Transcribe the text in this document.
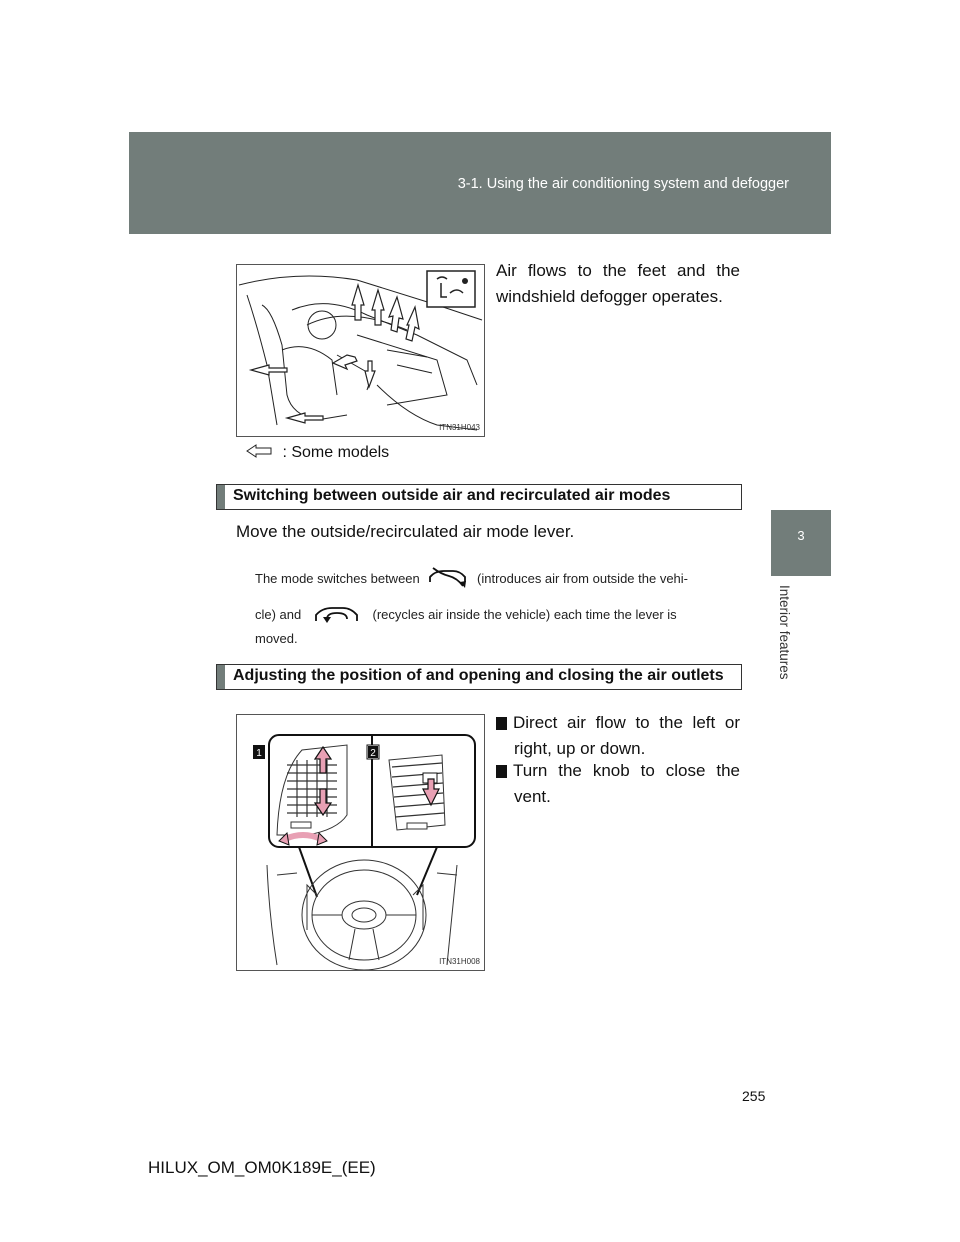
3-1. Using the air conditioning system and defogger
3
Interior features
ITN31H043
Air flows to the feet and the windshield defogger operates.
: Some models
Switching between outside air and recirculated air modes
Move the outside/recirculated air mode lever.
The mode switches between	(introduces air from outside the vehi-
cle) and	(recycles air inside the vehicle) each time the lever is
moved.
Adjusting the position of and opening and closing the air outlets
1	2
ITN31H008
1 Direct air flow to the left or right, up or down.
2 Turn the knob to close the vent.
255
HILUX_OM_OM0K189E_(EE)
